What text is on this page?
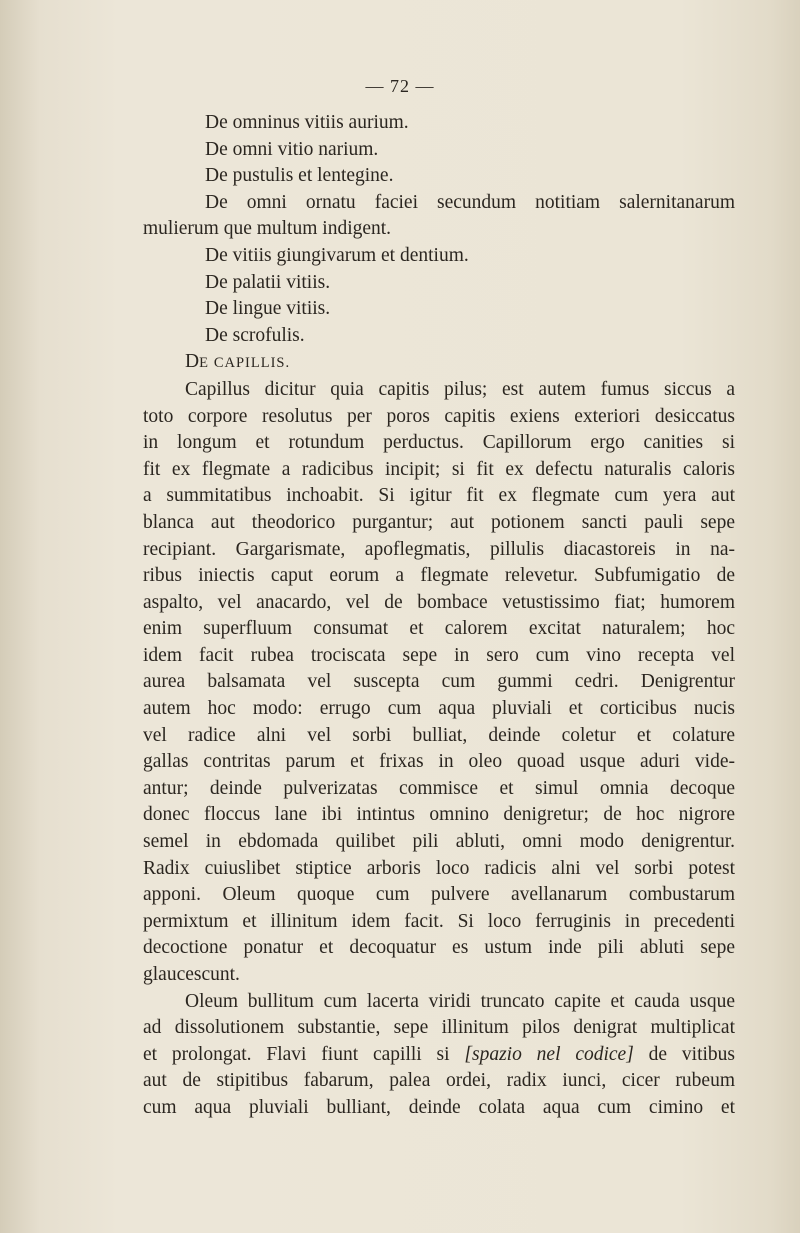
— 72 —
De omninus vitiis aurium.
De omni vitio narium.
De pustulis et lentegine.
De omni ornatu faciei secundum notitiam salernitanarum
mulierum que multum indigent.
De vitiis giungivarum et dentium.
De palatii vitiis.
De lingue vitiis.
De scrofulis.
DE CAPILLIS.
Capillus dicitur quia capitis pilus; est autem fumus siccus a
toto corpore resolutus per poros capitis exiens exteriori desiccatus
in longum et rotundum perductus. Capillorum ergo canities si
fit ex flegmate a radicibus incipit; si fit ex defectu naturalis caloris
a summitatibus inchoabit. Si igitur fit ex flegmate cum yera aut
blanca aut theodorico purgantur; aut potionem sancti pauli sepe
recipiant. Gargarismate, apoflegmatis, pillulis diacastoreis in na-
ribus iniectis caput eorum a flegmate relevetur. Subfumigatio de
aspalto, vel anacardo, vel de bombace vetustissimo fiat; humorem
enim superfluum consumat et calorem excitat naturalem; hoc
idem facit rubea trociscata sepe in sero cum vino recepta vel
aurea balsamata vel suscepta cum gummi cedri. Denigrentur
autem hoc modo: errugo cum aqua pluviali et corticibus nucis
vel radice alni vel sorbi bulliat, deinde coletur et colature
gallas contritas parum et frixas in oleo quoad usque aduri vide-
antur; deinde pulverizatas commisce et simul omnia decoque
donec floccus lane ibi intintus omnino denigretur; de hoc nigrore
semel in ebdomada quilibet pili abluti, omni modo denigrentur.
Radix cuiuslibet stiptice arboris loco radicis alni vel sorbi potest
apponi. Oleum quoque cum pulvere avellanarum combustarum
permixtum et illinitum idem facit. Si loco ferruginis in precedenti
decoctione ponatur et decoquatur es ustum inde pili abluti sepe
glaucescunt.
Oleum bullitum cum lacerta viridi truncato capite et cauda usque
ad dissolutionem substantie, sepe illinitum pilos denigrat multiplicat
et prolongat. Flavi fiunt capilli si [spazio nel codice] de vitibus
aut de stipitibus fabarum, palea ordei, radix iunci, cicer rubeum
cum aqua pluviali bulliant, deinde colata aqua cum cimino et
